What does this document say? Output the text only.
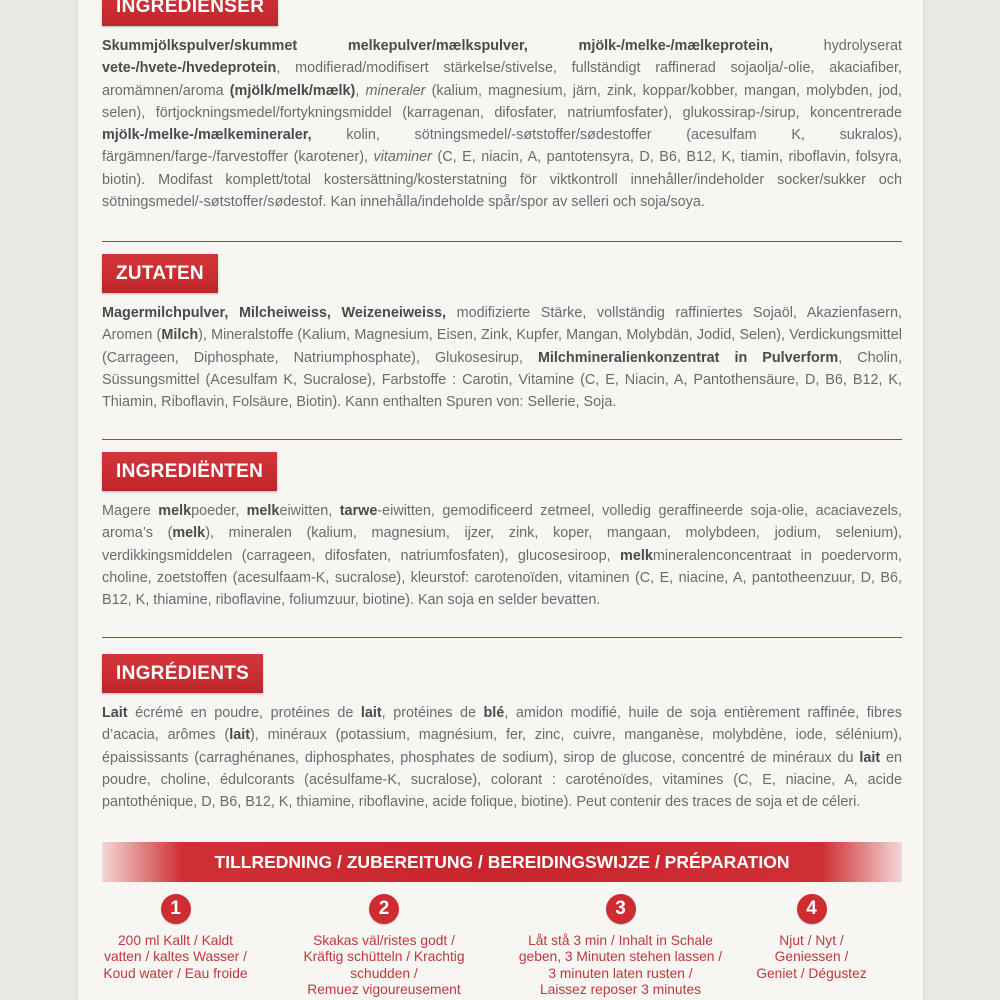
INGREDIENSER
Skummjölkspulver/skummet melkepulver/mælkspulver, mjölk-/melke-/mælkeprotein, hydrolyserat vete-/hvete-/hvedeprotein, modifierad/modifisert stärkelse/stivelse, fullständigt raffinerad sojaolja/-olie, akaciafiber, aromämnen/aroma (mjölk/melk/mælk), mineraler (kalium, magnesium, järn, zink, koppar/kobber, mangan, molybden, jod, selen), förtjockningsmedel/fortykningsmiddel (karragenan, difosfater, natriumfosfater), glukossirap-/sirup, koncentrerade mjölk-/melke-/mælkemineraler, kolin, sötningsmedel/-søtstoffer/sødestoffer (acesulfam K, sukralos), färgämnen/farge-/farvestoffer (karotener), vitaminer (C, E, niacin, A, pantotensyra, D, B6, B12, K, tiamin, riboflavin, folsyra, biotin). Modifast komplett/total kostersättning/kosterstatning för viktkontroll innehåller/indeholder socker/sukker och sötningsmedel/-søtstoffer/sødestof. Kan innehålla/indeholde spår/spor av selleri och soja/soya.
ZUTATEN
Magermilchpulver, Milcheiweiss, Weizeneiweiss, modifizierte Stärke, vollständig raffiniertes Sojaöl, Akazienfasern, Aromen (Milch), Mineralstoffe (Kalium, Magnesium, Eisen, Zink, Kupfer, Mangan, Molybdän, Jodid, Selen), Verdickungsmittel (Carrageen, Diphosphate, Natriumphosphate), Glukosesirup, Milchmineralienkonzentrat in Pulverform, Cholin, Süssungsmittel (Acesulfam K, Sucralose), Farbstoffe : Carotin, Vitamine (C, E, Niacin, A, Pantothensäure, D, B6, B12, K, Thiamin, Riboflavin, Folsäure, Biotin). Kann enthalten Spuren von: Sellerie, Soja.
INGREDIËNTEN
Magere melkpoeder, melkeiwitten, tarwe-eiwitten, gemodificeerd zetmeel, volledig geraffineerde soja-olie, acaciavezels, aroma’s (melk), mineralen (kalium, magnesium, ijzer, zink, koper, mangaan, molybdeen, jodium, selenium), verdikkingsmiddelen (carrageen, difosfaten, natriumfosfaten), glucosesiroop, melkmineralenconcentraat in poedervorm, choline, zoetstoffen (acesulfaam-K, sucralose), kleurstof: carotenoïden, vitaminen (C, E, niacine, A, pantotheenzuur, D, B6, B12, K, thiamine, riboflavine, foliumzuur, biotine). Kan soja en selder bevatten.
INGRÉDIENTS
Lait écrémé en poudre, protéines de lait, protéines de blé, amidon modifié, huile de soja entièrement raffinée, fibres d’acacia, arômes (lait), minéraux (potassium, magnésium, fer, zinc, cuivre, manganèse, molybdène, iode, sélénium), épaississants (carraghénanes, diphosphates, phosphates de sodium), sirop de glucose, concentré de minéraux du lait en poudre, choline, édulcorants (acésulfame-K, sucralose), colorant : caroténoïdes, vitamines (C, E, niacine, A, acide pantothénique, D, B6, B12, K, thiamine, riboflavine, acide folique, biotine). Peut contenir des traces de soja et de céleri.
TILLREDNING / ZUBEREITUNG / BEREIDINGSWIJZE / PRÉPARATION
1
200 ml Kallt / Kaldt
vatten / kaltes Wasser /
Koud water / Eau froide
2
Skakas väl/ristes godt /
Kräftig schütteln / Krachtig schudden /
Remuez vigoureusement
3
Låt stå 3 min / Inhalt in Schale
geben, 3 Minuten stehen lassen /
3 minuten laten rusten /
Laissez reposer 3 minutes
4
Njut / Nyt /
Geniessen /
Geniet / Dégustez
